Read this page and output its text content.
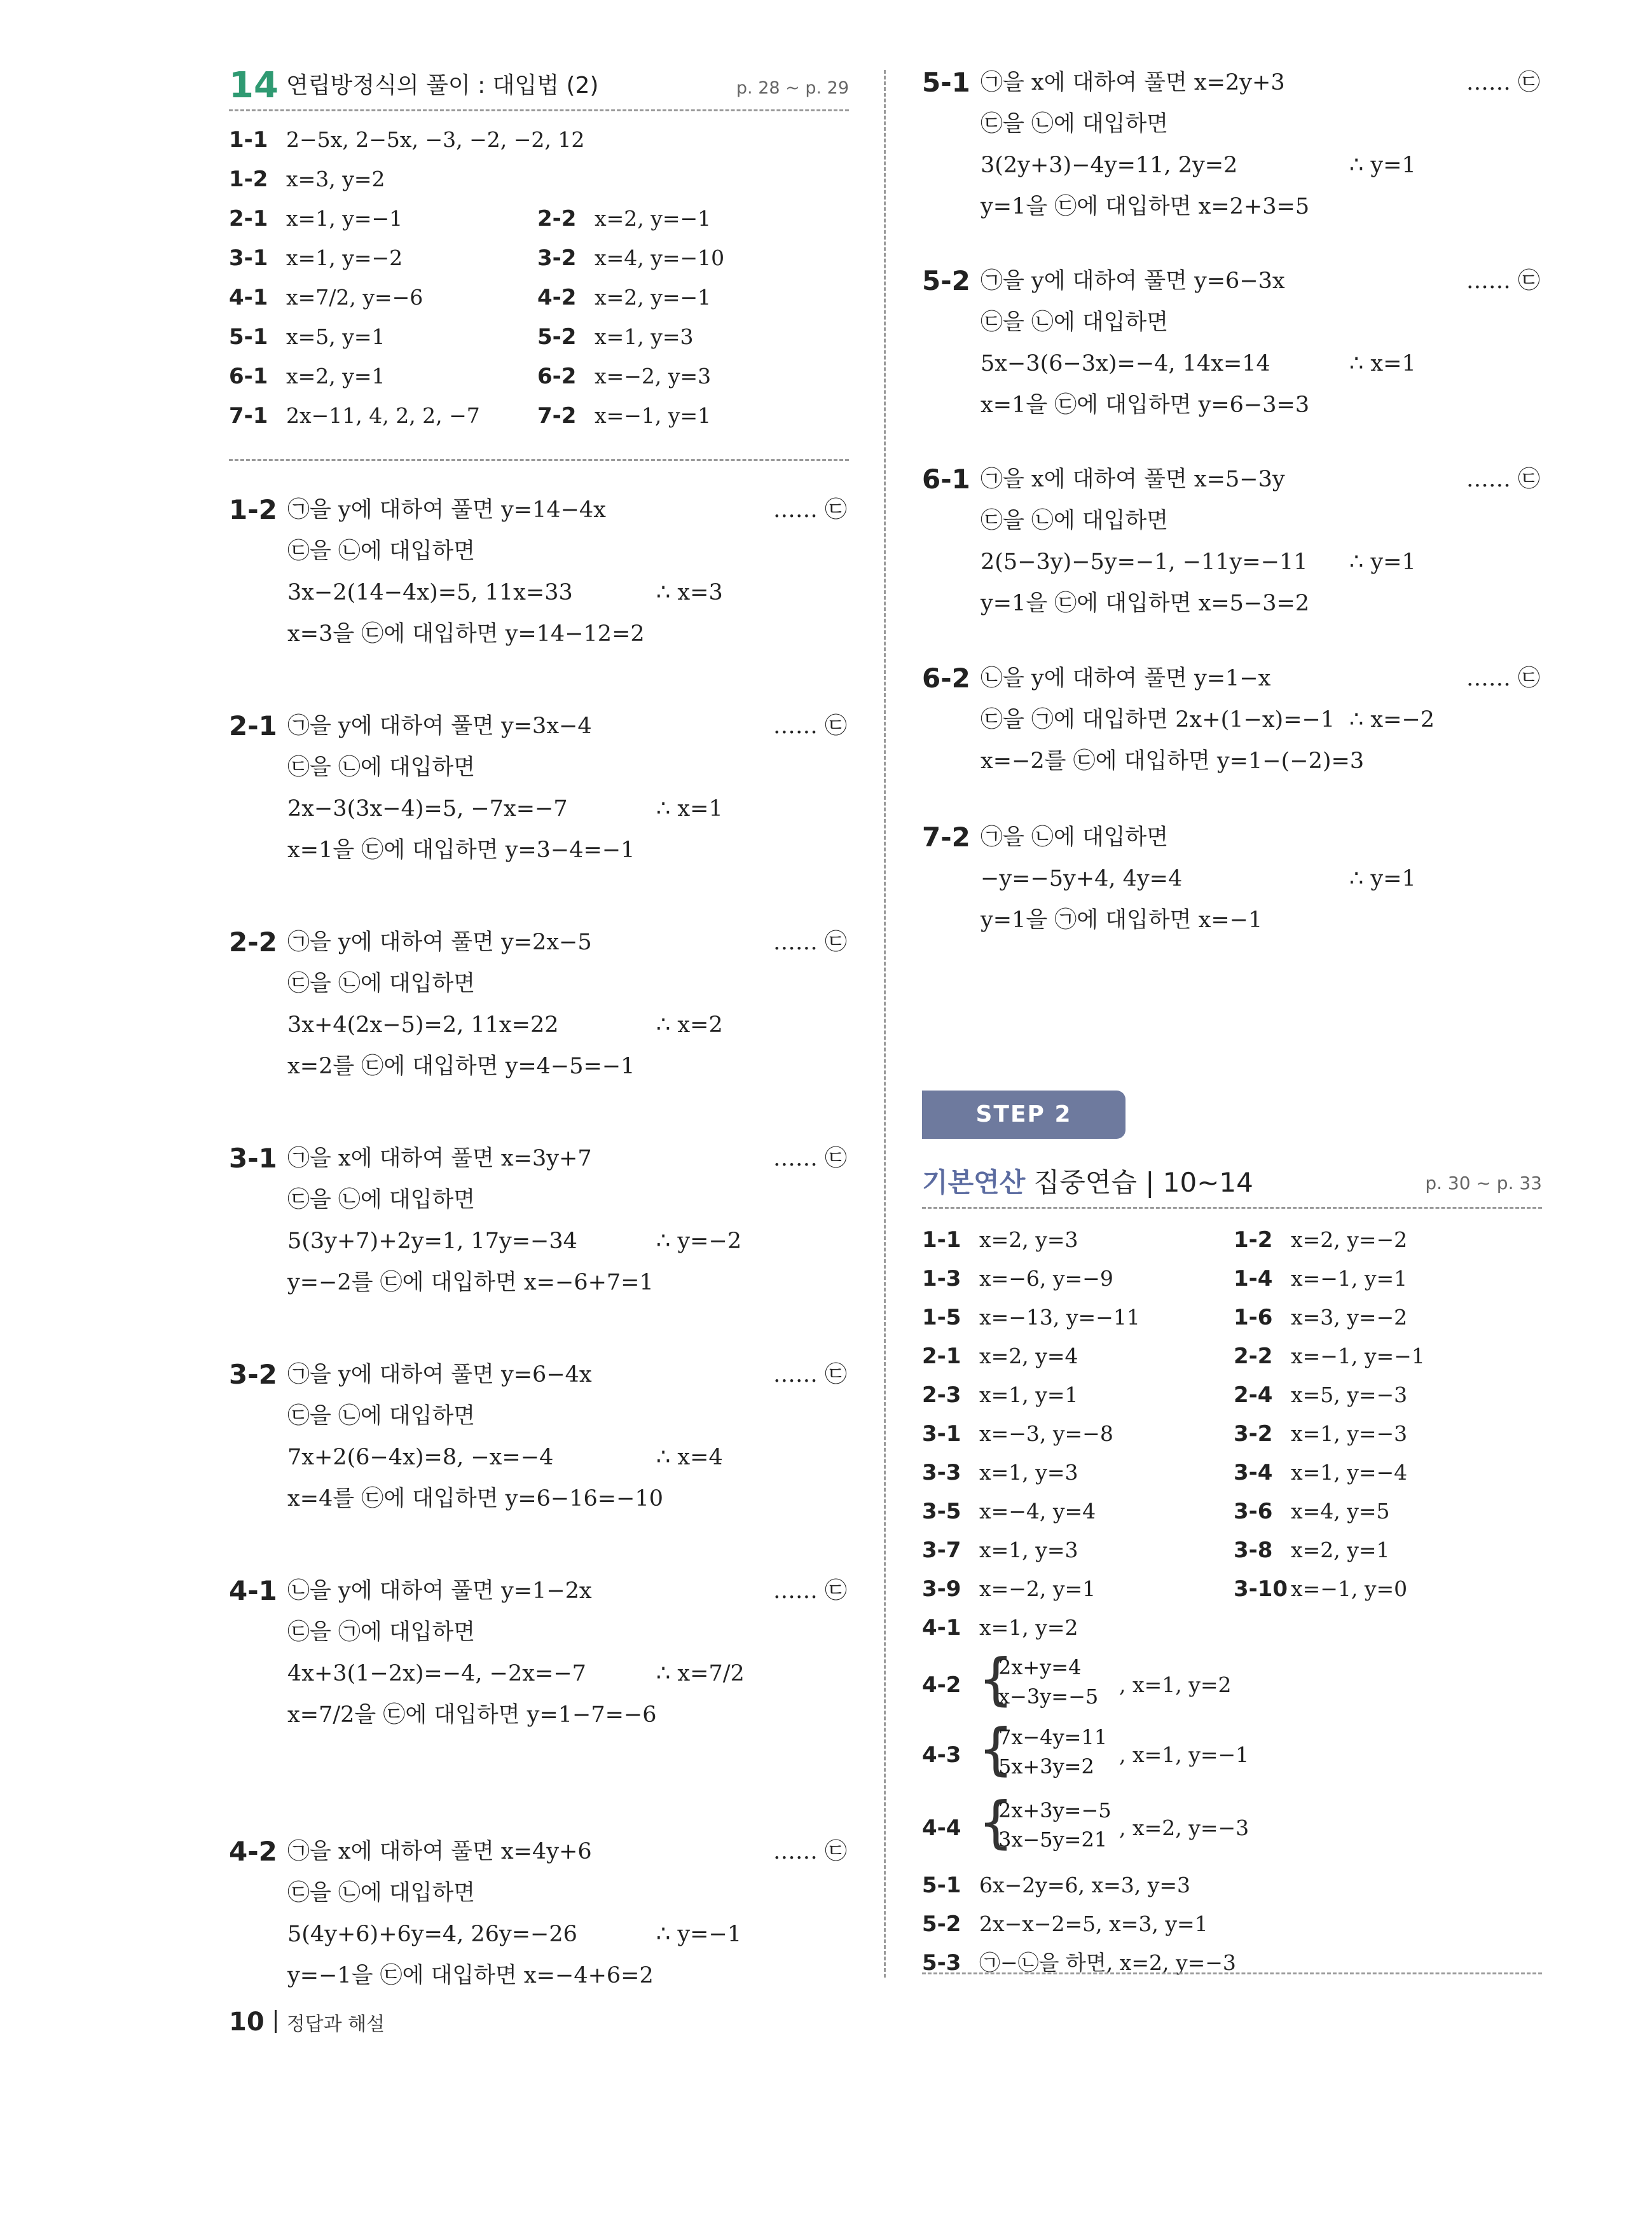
14 연립방정식의 풀이 : 대입법 (2)	p. 28 ~ p. 29
1-1 2−5x, 2−5x, −3, −2, −2, 12
1-2 x=3, y=2
2-1 x=1, y=−1	2-2 x=2, y=−1
3-1 x=1, y=−2	3-2 x=4, y=−10
4-1 x=7/2, y=−6	4-2 x=2, y=−1
5-1 x=5, y=1	5-2 x=1, y=3
6-1 x=2, y=1	6-2 x=−2, y=3
7-1 2x−11, 4, 2, 2, −7	7-2 x=−1, y=1
1-2 ㉠을 y에 대하여 풀면 y=14−4x	…… ㉢
㉢을 ㉡에 대입하면
3x−2(14−4x)=5, 11x=33	∴ x=3
x=3을 ㉢에 대입하면 y=14−12=2
2-1 ㉠을 y에 대하여 풀면 y=3x−4	…… ㉢
㉢을 ㉡에 대입하면
2x−3(3x−4)=5, −7x=−7	∴ x=1
x=1을 ㉢에 대입하면 y=3−4=−1
2-2 ㉠을 y에 대하여 풀면 y=2x−5	…… ㉢
㉢을 ㉡에 대입하면
3x+4(2x−5)=2, 11x=22	∴ x=2
x=2를 ㉢에 대입하면 y=4−5=−1
3-1 ㉠을 x에 대하여 풀면 x=3y+7	…… ㉢
㉢을 ㉡에 대입하면
5(3y+7)+2y=1, 17y=−34	∴ y=−2
y=−2를 ㉢에 대입하면 x=−6+7=1
3-2 ㉠을 y에 대하여 풀면 y=6−4x	…… ㉢
㉢을 ㉡에 대입하면
7x+2(6−4x)=8, −x=−4	∴ x=4
x=4를 ㉢에 대입하면 y=6−16=−10
4-1 ㉡을 y에 대하여 풀면 y=1−2x	…… ㉢
㉢을 ㉠에 대입하면
4x+3(1−2x)=−4, −2x=−7	∴ x=7/2
x=7/2을 ㉢에 대입하면 y=1−7=−6
4-2 ㉠을 x에 대하여 풀면 x=4y+6	…… ㉢
㉢을 ㉡에 대입하면
5(4y+6)+6y=4, 26y=−26	∴ y=−1
y=−1을 ㉢에 대입하면 x=−4+6=2
5-1 ㉠을 x에 대하여 풀면 x=2y+3	…… ㉢
㉢을 ㉡에 대입하면
3(2y+3)−4y=11, 2y=2	∴ y=1
y=1을 ㉢에 대입하면 x=2+3=5
5-2 ㉠을 y에 대하여 풀면 y=6−3x	…… ㉢
㉢을 ㉡에 대입하면
5x−3(6−3x)=−4, 14x=14	∴ x=1
x=1을 ㉢에 대입하면 y=6−3=3
6-1 ㉠을 x에 대하여 풀면 x=5−3y	…… ㉢
㉢을 ㉡에 대입하면
2(5−3y)−5y=−1, −11y=−11 ∴ y=1
y=1을 ㉢에 대입하면 x=5−3=2
6-2 ㉡을 y에 대하여 풀면 y=1−x	…… ㉢
㉢을 ㉠에 대입하면 2x+(1−x)=−1 ∴ x=−2
x=−2를 ㉢에 대입하면 y=1−(−2)=3
7-2 ㉠을 ㉡에 대입하면
−y=−5y+4, 4y=4	∴ y=1
y=1을 ㉠에 대입하면 x=−1
STEP 2
기본연산 집중연습 | 10~14	p. 30 ~ p. 33
1-1 x=2, y=3	1-2 x=2, y=−2
1-3 x=−6, y=−9	1-4 x=−1, y=1
1-5 x=−13, y=−11	1-6 x=3, y=−2
2-1 x=2, y=4	2-2 x=−1, y=−1
2-3 x=1, y=1	2-4 x=5, y=−3
3-1 x=−3, y=−8	3-2 x=1, y=−3
3-3 x=1, y=3	3-4 x=1, y=−4
3-5 x=−4, y=4	3-6 x=4, y=5
3-7 x=1, y=3	3-8 x=2, y=1
3-9 x=−2, y=1	3-10 x=−1, y=0
4-1 x=1, y=2
4-2 {
2x+y=4
x−3y=−5 , x=1, y=2
4-3 {
7x−4y=11
5x+3y=2 , x=1, y=−1
4-4 {
2x+3y=−5
3x−5y=21 , x=2, y=−3
5-1 6x−2y=6, x=3, y=3
5-2 2x−x−2=5, x=3, y=1
5-3 ㉠−㉡을 하면, x=2, y=−3
10 정답과 해설
